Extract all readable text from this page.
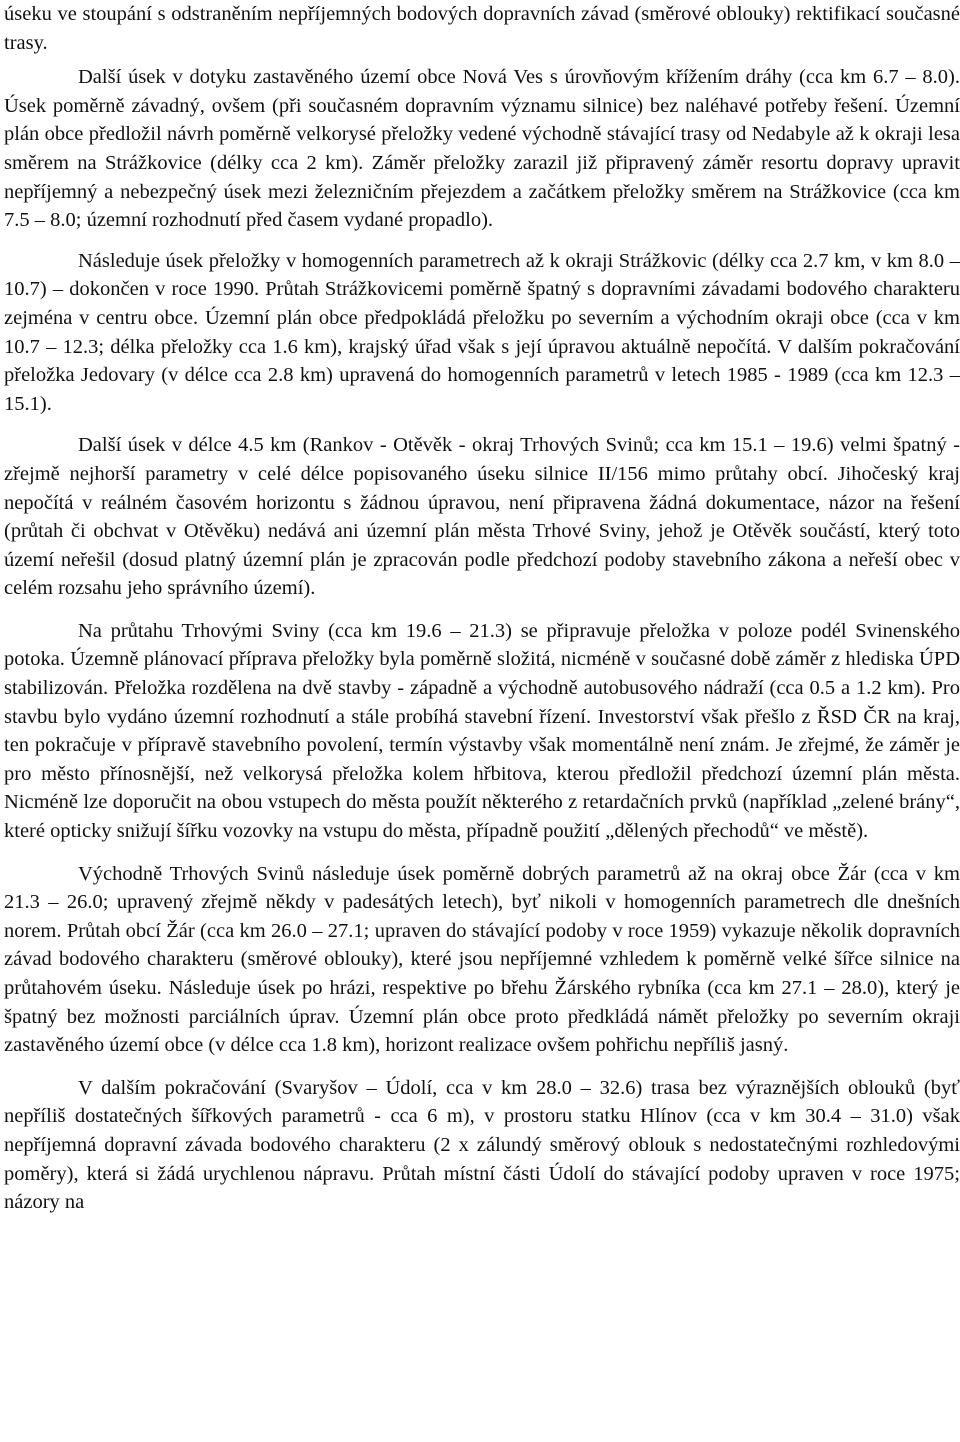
úseku ve stoupání s odstraněním nepříjemných bodových dopravních závad (směrové oblouky) rektifikací současné trasy.

Další úsek v dotyku zastavěného území obce Nová Ves s úrovňovým křížením dráhy (cca km 6.7 – 8.0). Úsek poměrně závadný, ovšem (při současném dopravním významu silnice) bez naléhavé potřeby řešení. Územní plán obce předložil návrh poměrně velkorysé přeložky vedené východně stávající trasy od Nedabyle až k okraji lesa směrem na Strážkovice (délky cca 2 km). Záměr přeložky zarazil již připravený záměr resortu dopravy upravit nepříjemný a nebezpečný úsek mezi železničním přejezdem a začátkem přeložky směrem na Strážkovice (cca km 7.5 – 8.0; územní rozhodnutí před časem vydané propadlo).

Následuje úsek přeložky v homogenních parametrech až k okraji Strážkovic (délky cca 2.7 km, v km 8.0 – 10.7) – dokončen v roce 1990. Průtah Strážkovicemi poměrně špatný s dopravními závadami bodového charakteru zejména v centru obce. Územní plán obce předpokládá přeložku po severním a východním okraji obce (cca v km 10.7 – 12.3; délka přeložky cca 1.6 km), krajský úřad však s její úpravou aktuálně nepočítá. V dalším pokračování přeložka Jedovary (v délce cca 2.8 km) upravená do homogenních parametrů v letech 1985 - 1989 (cca km 12.3 – 15.1).

Další úsek v délce 4.5 km (Rankov - Otěvěk - okraj Trhových Svinů; cca km 15.1 – 19.6) velmi špatný - zřejmě nejhorší parametry v celé délce popisovaného úseku silnice II/156 mimo průtahy obcí. Jihočeský kraj nepočítá v reálném časovém horizontu s žádnou úpravou, není připravena žádná dokumentace, názor na řešení (průtah či obchvat v Otěvěku) nedává ani územní plán města Trhové Sviny, jehož je Otěvěk součástí, který toto území neřešil (dosud platný územní plán je zpracován podle předchozí podoby stavebního zákona a neřeší obec v celém rozsahu jeho správního území).

Na průtahu Trhovými Sviny (cca km 19.6 – 21.3) se připravuje přeložka v poloze podél Svinenského potoka. Územně plánovací příprava přeložky byla poměrně složitá, nicméně v současné době záměr z hlediska ÚPD stabilizován. Přeložka rozdělena na dvě stavby - západně a východně autobusového nádraží (cca 0.5 a 1.2 km). Pro stavbu bylo vydáno územní rozhodnutí a stále probíhá stavební řízení. Investorství však přešlo z ŘSD ČR na kraj, ten pokračuje v přípravě stavebního povolení, termín výstavby však momentálně není znám. Je zřejmé, že záměr je pro město přínosnější, než velkorysá přeložka kolem hřbitova, kterou předložil předchozí územní plán města. Nicméně lze doporučit na obou vstupech do města použít některého z retardačních prvků (například „zelené brány“, které opticky snižují šířku vozovky na vstupu do města, případně použití „dělených přechodů“ ve městě).

Východně Trhových Svinů následuje úsek poměrně dobrých parametrů až na okraj obce Žár (cca v km 21.3 – 26.0; upravený zřejmě někdy v padesátých letech), byť nikoli v homogenních parametrech dle dnešních norem. Průtah obcí Žár (cca km 26.0 – 27.1; upraven do stávající podoby v roce 1959) vykazuje několik dopravních závad bodového charakteru (směrové oblouky), které jsou nepříjemné vzhledem k poměrně velké šířce silnice na průtahovém úseku. Následuje úsek po hrázi, respektive po břehu Žárského rybníka (cca km 27.1 – 28.0), který je špatný bez možnosti parciálních úprav. Územní plán obce proto předkládá námět přeložky po severním okraji zastavěného území obce (v délce cca 1.8 km), horizont realizace ovšem pohřichu nepříliš jasný.

V dalším pokračování (Svaryšov – Údolí, cca v km 28.0 – 32.6) trasa bez výraznějších oblouků (byť nepříliš dostatečných šířkových parametrů - cca 6 m), v prostoru statku Hlínov (cca v km 30.4 – 31.0) však nepříjemná dopravní závada bodového charakteru (2 x zálundý směrový oblouk s nedostatečnými rozhledovými poměry), která si žádá urychlenou nápravu. Průtah místní části Údolí do stávající podoby upraven v roce 1975; názory na
